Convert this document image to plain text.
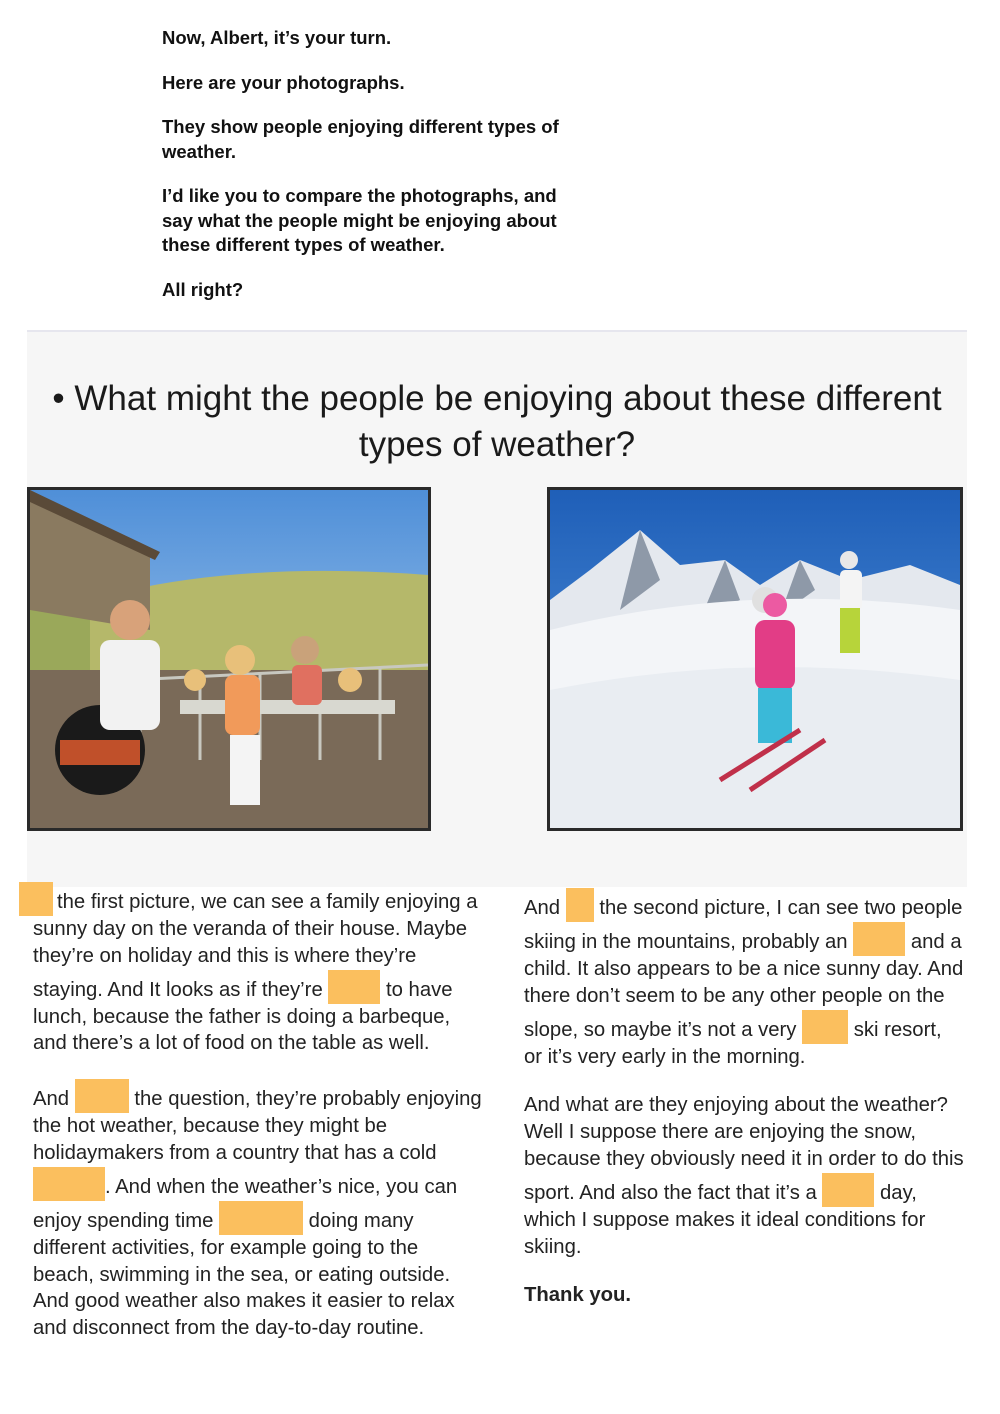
Now, Albert, it’s your turn.

Here are your photographs.

They show people enjoying different types of weather.

I’d like you to compare the photographs, and say what the people might be enjoying about these different types of weather.

All right?

• What might the people be enjoying about these different types of weather?

the first picture, we can see a family enjoying a sunny day on the veranda of their house. Maybe they’re on holiday and this is where they’re staying. And It looks as if they’re	to have lunch, because the father is doing a barbeque, and there’s a lot of food on the table as well.

And	the question, they’re probably enjoying the hot weather, because they might be holidaymakers from a country that has a cold . And when the weather’s nice, you can enjoy spending time	doing many different activities, for example going to the beach, swimming in the sea, or eating outside. And good weather also makes it easier to relax and disconnect from the day-to-day routine.

And  the second picture, I can see two people skiing in the mountains, probably an	and a child. It also appears to be a nice sunny day. And there don’t seem to be any other people on the slope, so maybe it’s not a very  ski resort, or it’s very early in the morning.

And what are they enjoying about the weather? Well I suppose there are enjoying the snow, because they obviously need it in order to do this sport. And also the fact that it’s a	day, which I suppose makes it ideal conditions for skiing.

Thank you.
